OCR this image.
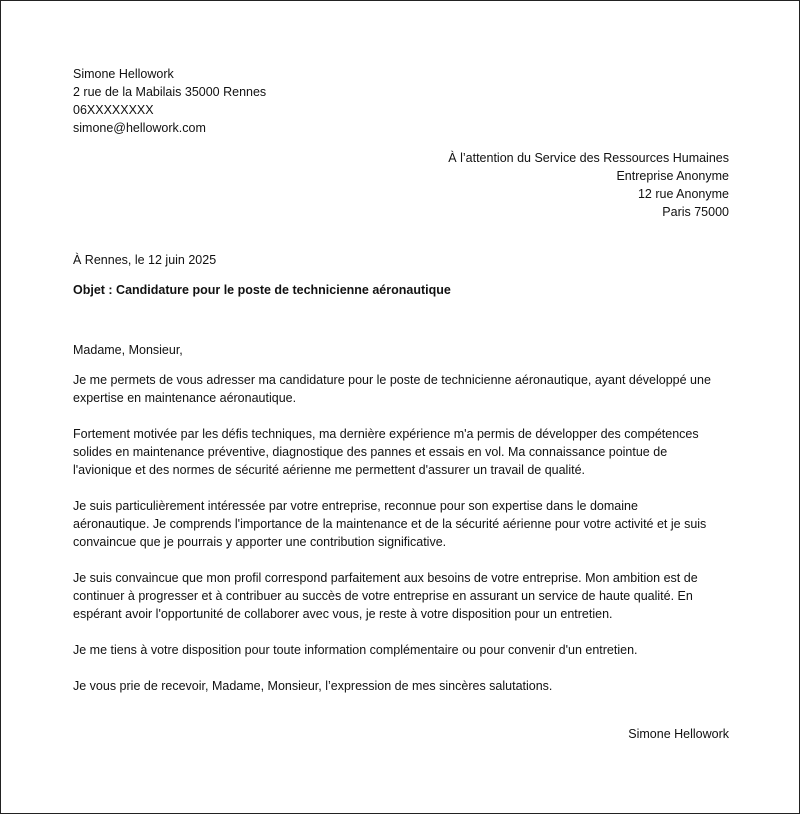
Simone Hellowork
2 rue de la Mabilais 35000 Rennes
06XXXXXXXX
simone@hellowork.com
À l’attention du Service des Ressources Humaines
Entreprise Anonyme
12 rue Anonyme
Paris 75000
À Rennes, le 12 juin 2025
Objet : Candidature pour le poste de technicienne aéronautique
Madame, Monsieur,
Je me permets de vous adresser ma candidature pour le poste de technicienne aéronautique, ayant développé une
expertise en maintenance aéronautique.
Fortement motivée par les défis techniques, ma dernière expérience m'a permis de développer des compétences
solides en maintenance préventive, diagnostique des pannes et essais en vol. Ma connaissance pointue de
l'avionique et des normes de sécurité aérienne me permettent d'assurer un travail de qualité.
Je suis particulièrement intéressée par votre entreprise, reconnue pour son expertise dans le domaine
aéronautique. Je comprends l'importance de la maintenance et de la sécurité aérienne pour votre activité et je suis
convaincue que je pourrais y apporter une contribution significative.
Je suis convaincue que mon profil correspond parfaitement aux besoins de votre entreprise. Mon ambition est de
continuer à progresser et à contribuer au succès de votre entreprise en assurant un service de haute qualité. En
espérant avoir l'opportunité de collaborer avec vous, je reste à votre disposition pour un entretien.
Je me tiens à votre disposition pour toute information complémentaire ou pour convenir d'un entretien.
Je vous prie de recevoir, Madame, Monsieur, l’expression de mes sincères salutations.
Simone Hellowork
